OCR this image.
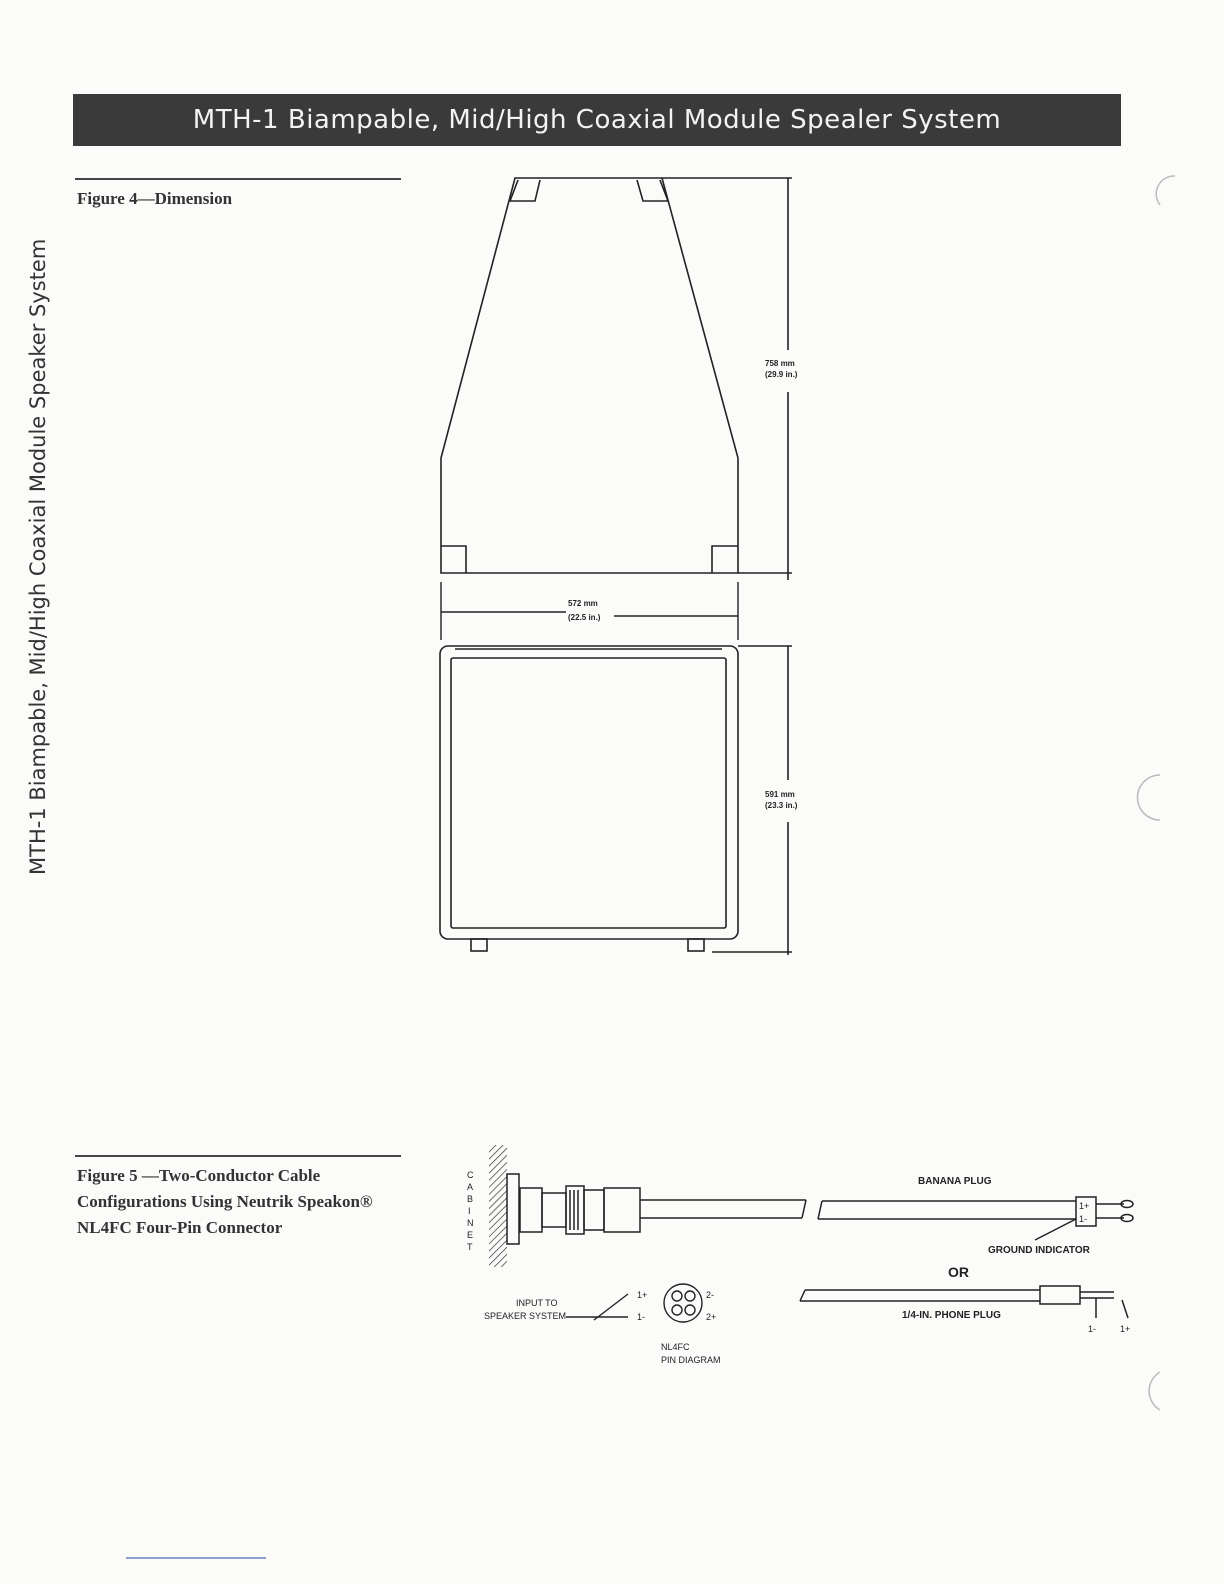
MTH-1 Biampable, Mid/High Coaxial Module Spealer System
MTH-1 Biampable, Mid/High Coaxial Module Speaker System
Figure 4—Dimension
Figure 5 —Two-Conductor Cable
Configurations Using Neutrik Speakon®
NL4FC Four-Pin Connector
758 mm
(29.9 in.)
572 mm
(22.5 in.)
591 mm
(23.3 in.)
C
A
B
I
N
E
T
1+
1-
BANANA PLUG
GROUND INDICATOR
OR
1/4-IN. PHONE PLUG
1-	1+
1+
1-
2-
2+
INPUT TO
SPEAKER SYSTEM
NL4FC
PIN DIAGRAM
